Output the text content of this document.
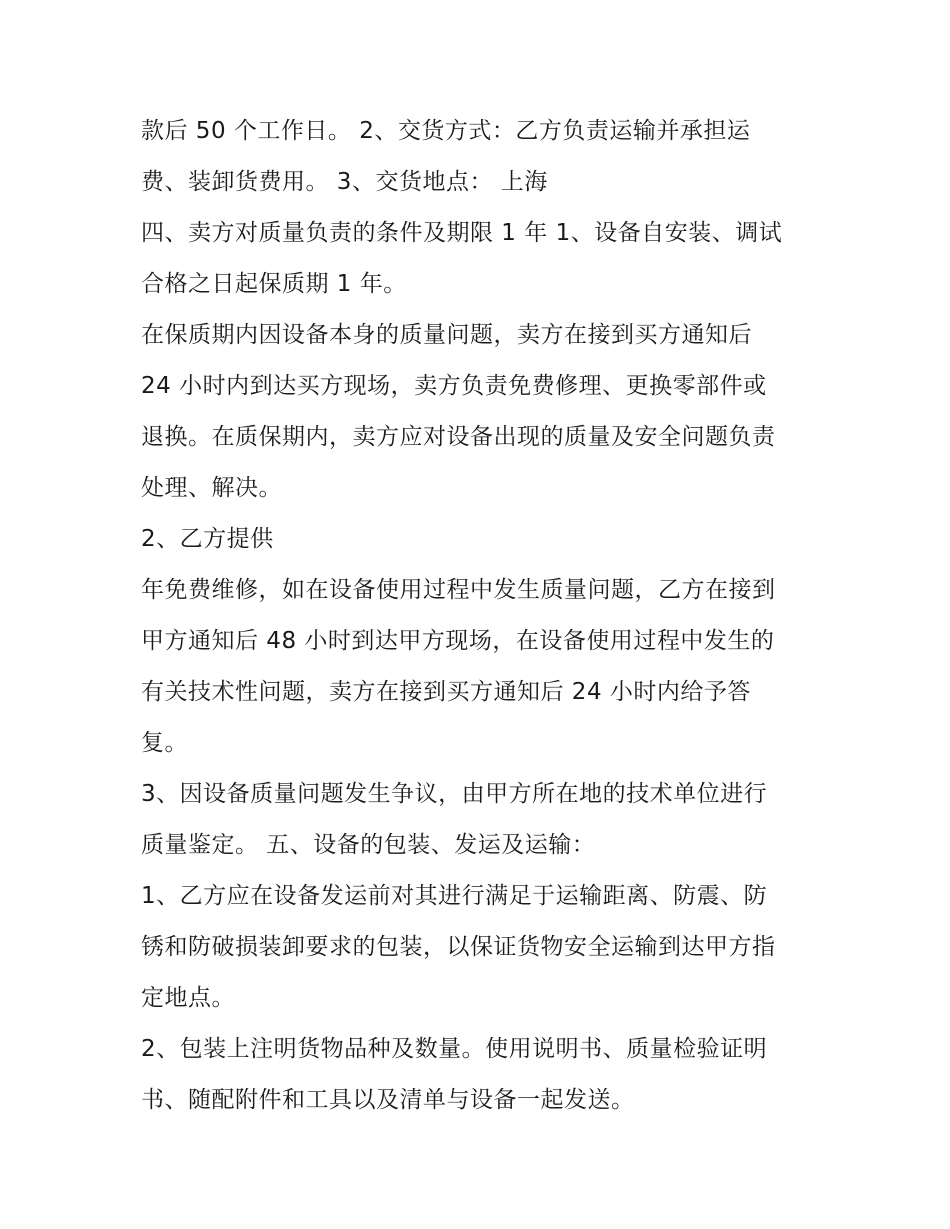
款后 50 个工作日。 2、交货方式：乙方负责运输并承担运
费、装卸货费用。 3、交货地点： 上海
四、卖方对质量负责的条件及期限 1 年 1、设备自安装、调试
合格之日起保质期 1 年。
在保质期内因设备本身的质量问题，卖方在接到买方通知后
24 小时内到达买方现场，卖方负责免费修理、更换零部件或
退换。在质保期内，卖方应对设备出现的质量及安全问题负责
处理、解决。
2、乙方提供
年免费维修，如在设备使用过程中发生质量问题，乙方在接到
甲方通知后 48 小时到达甲方现场，在设备使用过程中发生的
有关技术性问题，卖方在接到买方通知后 24 小时内给予答
复。
3、因设备质量问题发生争议，由甲方所在地的技术单位进行
质量鉴定。 五、设备的包装、发运及运输：
1、乙方应在设备发运前对其进行满足于运输距离、防震、防
锈和防破损装卸要求的包装，以保证货物安全运输到达甲方指
定地点。
2、包装上注明货物品种及数量。使用说明书、质量检验证明
书、随配附件和工具以及清单与设备一起发送。
